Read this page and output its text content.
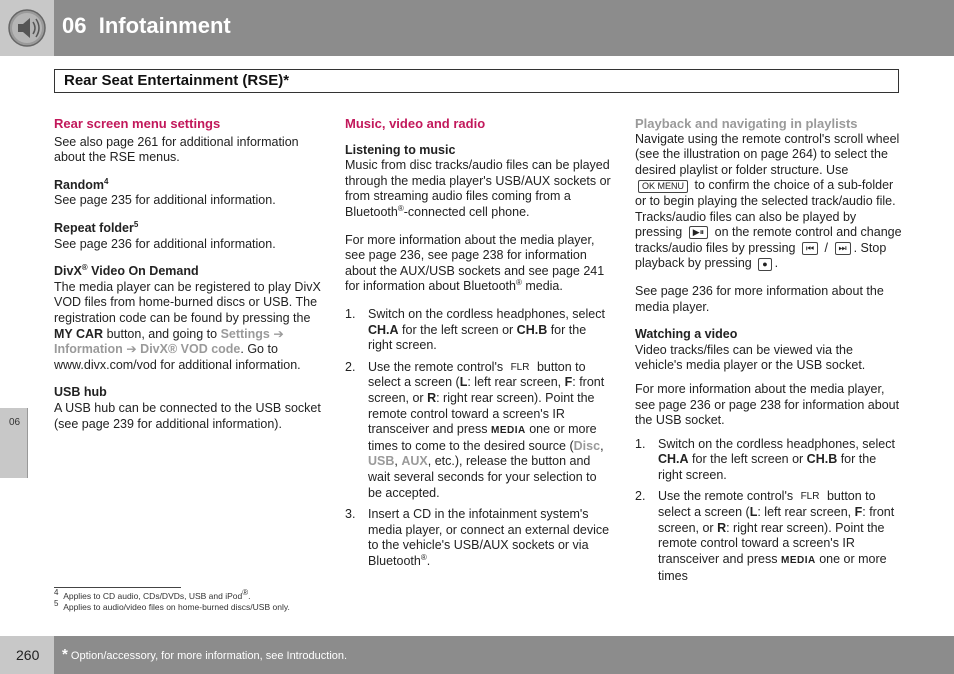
06 Infotainment
Rear Seat Entertainment (RSE)*
06

Rear screen menu settings

See also page 261 for additional information about the RSE menus.

Random$^4$

See page 235 for additional information.

Repeat folder$^5$

See page 236 for additional information.

DivX® Video On Demand

The media player can be registered to play DivX VOD files from home-burned discs or USB. The registration code can be found by pressing the MY CAR button, and going to Settings ➔ Information ➔ DivX® VOD code. Go to www.divx.com/vod for additional information.

USB hub

A USB hub can be connected to the USB socket (see page 239 for additional information).

Music, video and radio

Listening to music

Music from disc tracks/audio files can be played through the media player's USB/AUX sockets or from streaming audio files coming from a Bluetooth®-connected cell phone.

For more information about the media player, see page 236, see page 238 for information about the AUX/USB sockets and see page 241 for information about Bluetooth® media.

1. Switch on the cordless headphones, select CH.A for the left screen or CH.B for the right screen.
2. Use the remote control's FLR button to select a screen (L: left rear screen, F: front screen, or R: right rear screen). Point the remote control toward a screen's IR transceiver and press MEDIA one or more times to come to the desired source (Disc, USB, AUX, etc.), release the button and wait several seconds for your selection to be accepted.
3. Insert a CD in the infotainment system's media player, or connect an external device to the vehicle's USB/AUX sockets or via Bluetooth®.

Playback and navigating in playlists

Navigate using the remote control's scroll wheel (see the illustration on page 264) to select the desired playlist or folder structure. Use OK MENU to confirm the choice of a sub-folder or to begin playing the selected track/audio file. Tracks/audio files can also be played by pressing ▶⏸ on the remote control and change tracks/audio files by pressing ⏮ / ⏭ . Stop playback by pressing ● .

See page 236 for more information about the media player.

Watching a video

Video tracks/files can be viewed via the vehicle's media player or the USB socket.

For more information about the media player, see page 236 or page 238 for information about the USB socket.

1. Switch on the cordless headphones, select CH.A for the left screen or CH.B for the right screen.
2. Use the remote control's FLR button to select a screen (L: left rear screen, F: front screen, or R: right rear screen). Point the remote control toward a screen's IR transceiver and press MEDIA one or more times
$^4$ Applies to CD audio, CDs/DVDs, USB and iPod®.
$^5$ Applies to audio/video files on home-burned discs/USB only.
260 * Option/accessory, for more information, see Introduction.
